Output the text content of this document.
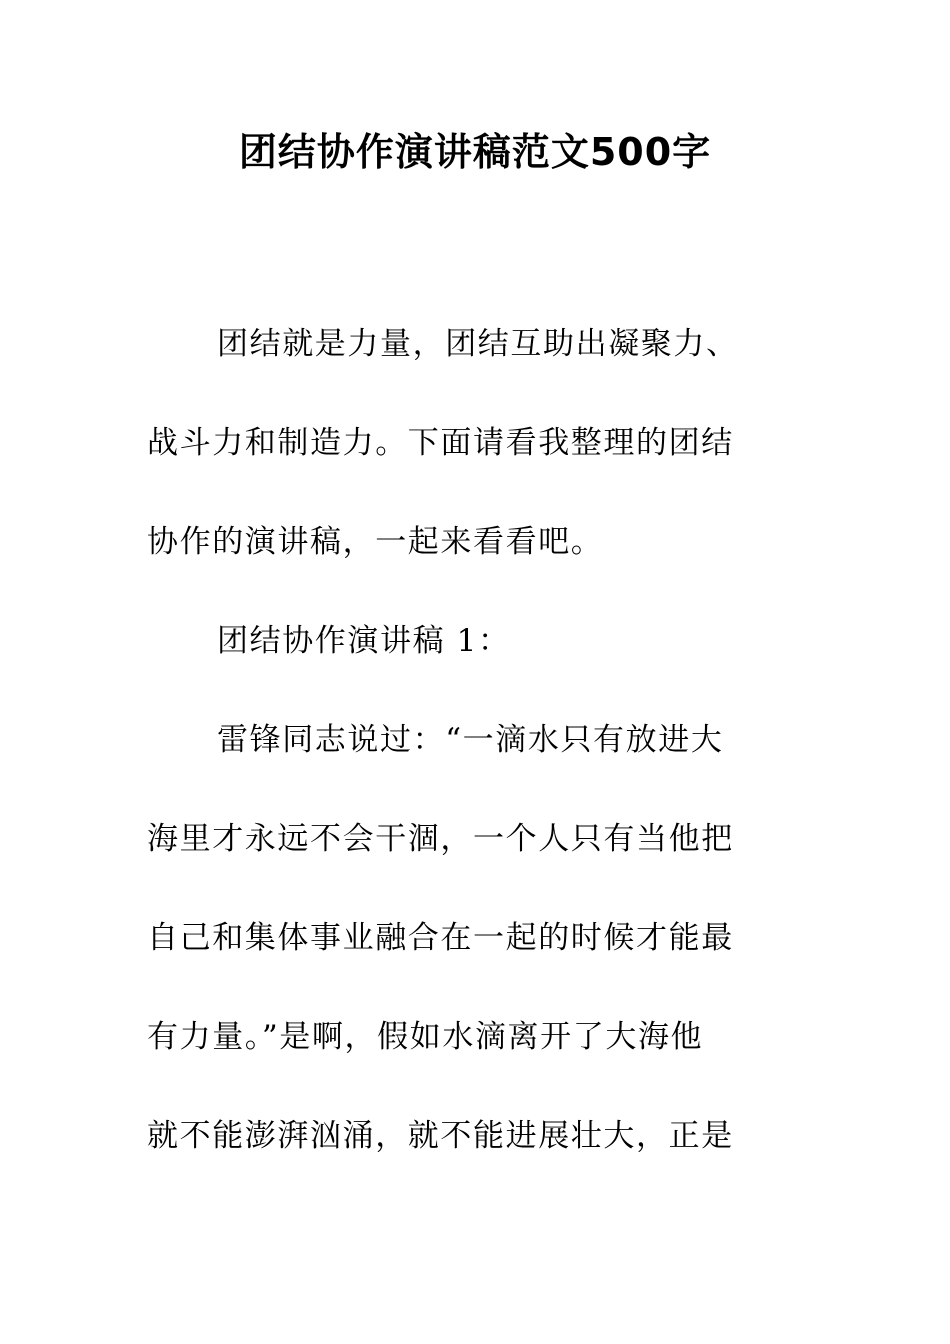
团结协作演讲稿范文500字
团结就是力量，团结互助出凝聚力、
战斗力和制造力。下面请看我整理的团结
协作的演讲稿，一起来看看吧。
团结协作演讲稿 1：
雷锋同志说过：“一滴水只有放进大
海里才永远不会干涸，一个人只有当他把
自己和集体事业融合在一起的时候才能最
有力量。”是啊，假如水滴离开了大海他
就不能澎湃汹涌，就不能进展壮大，正是
